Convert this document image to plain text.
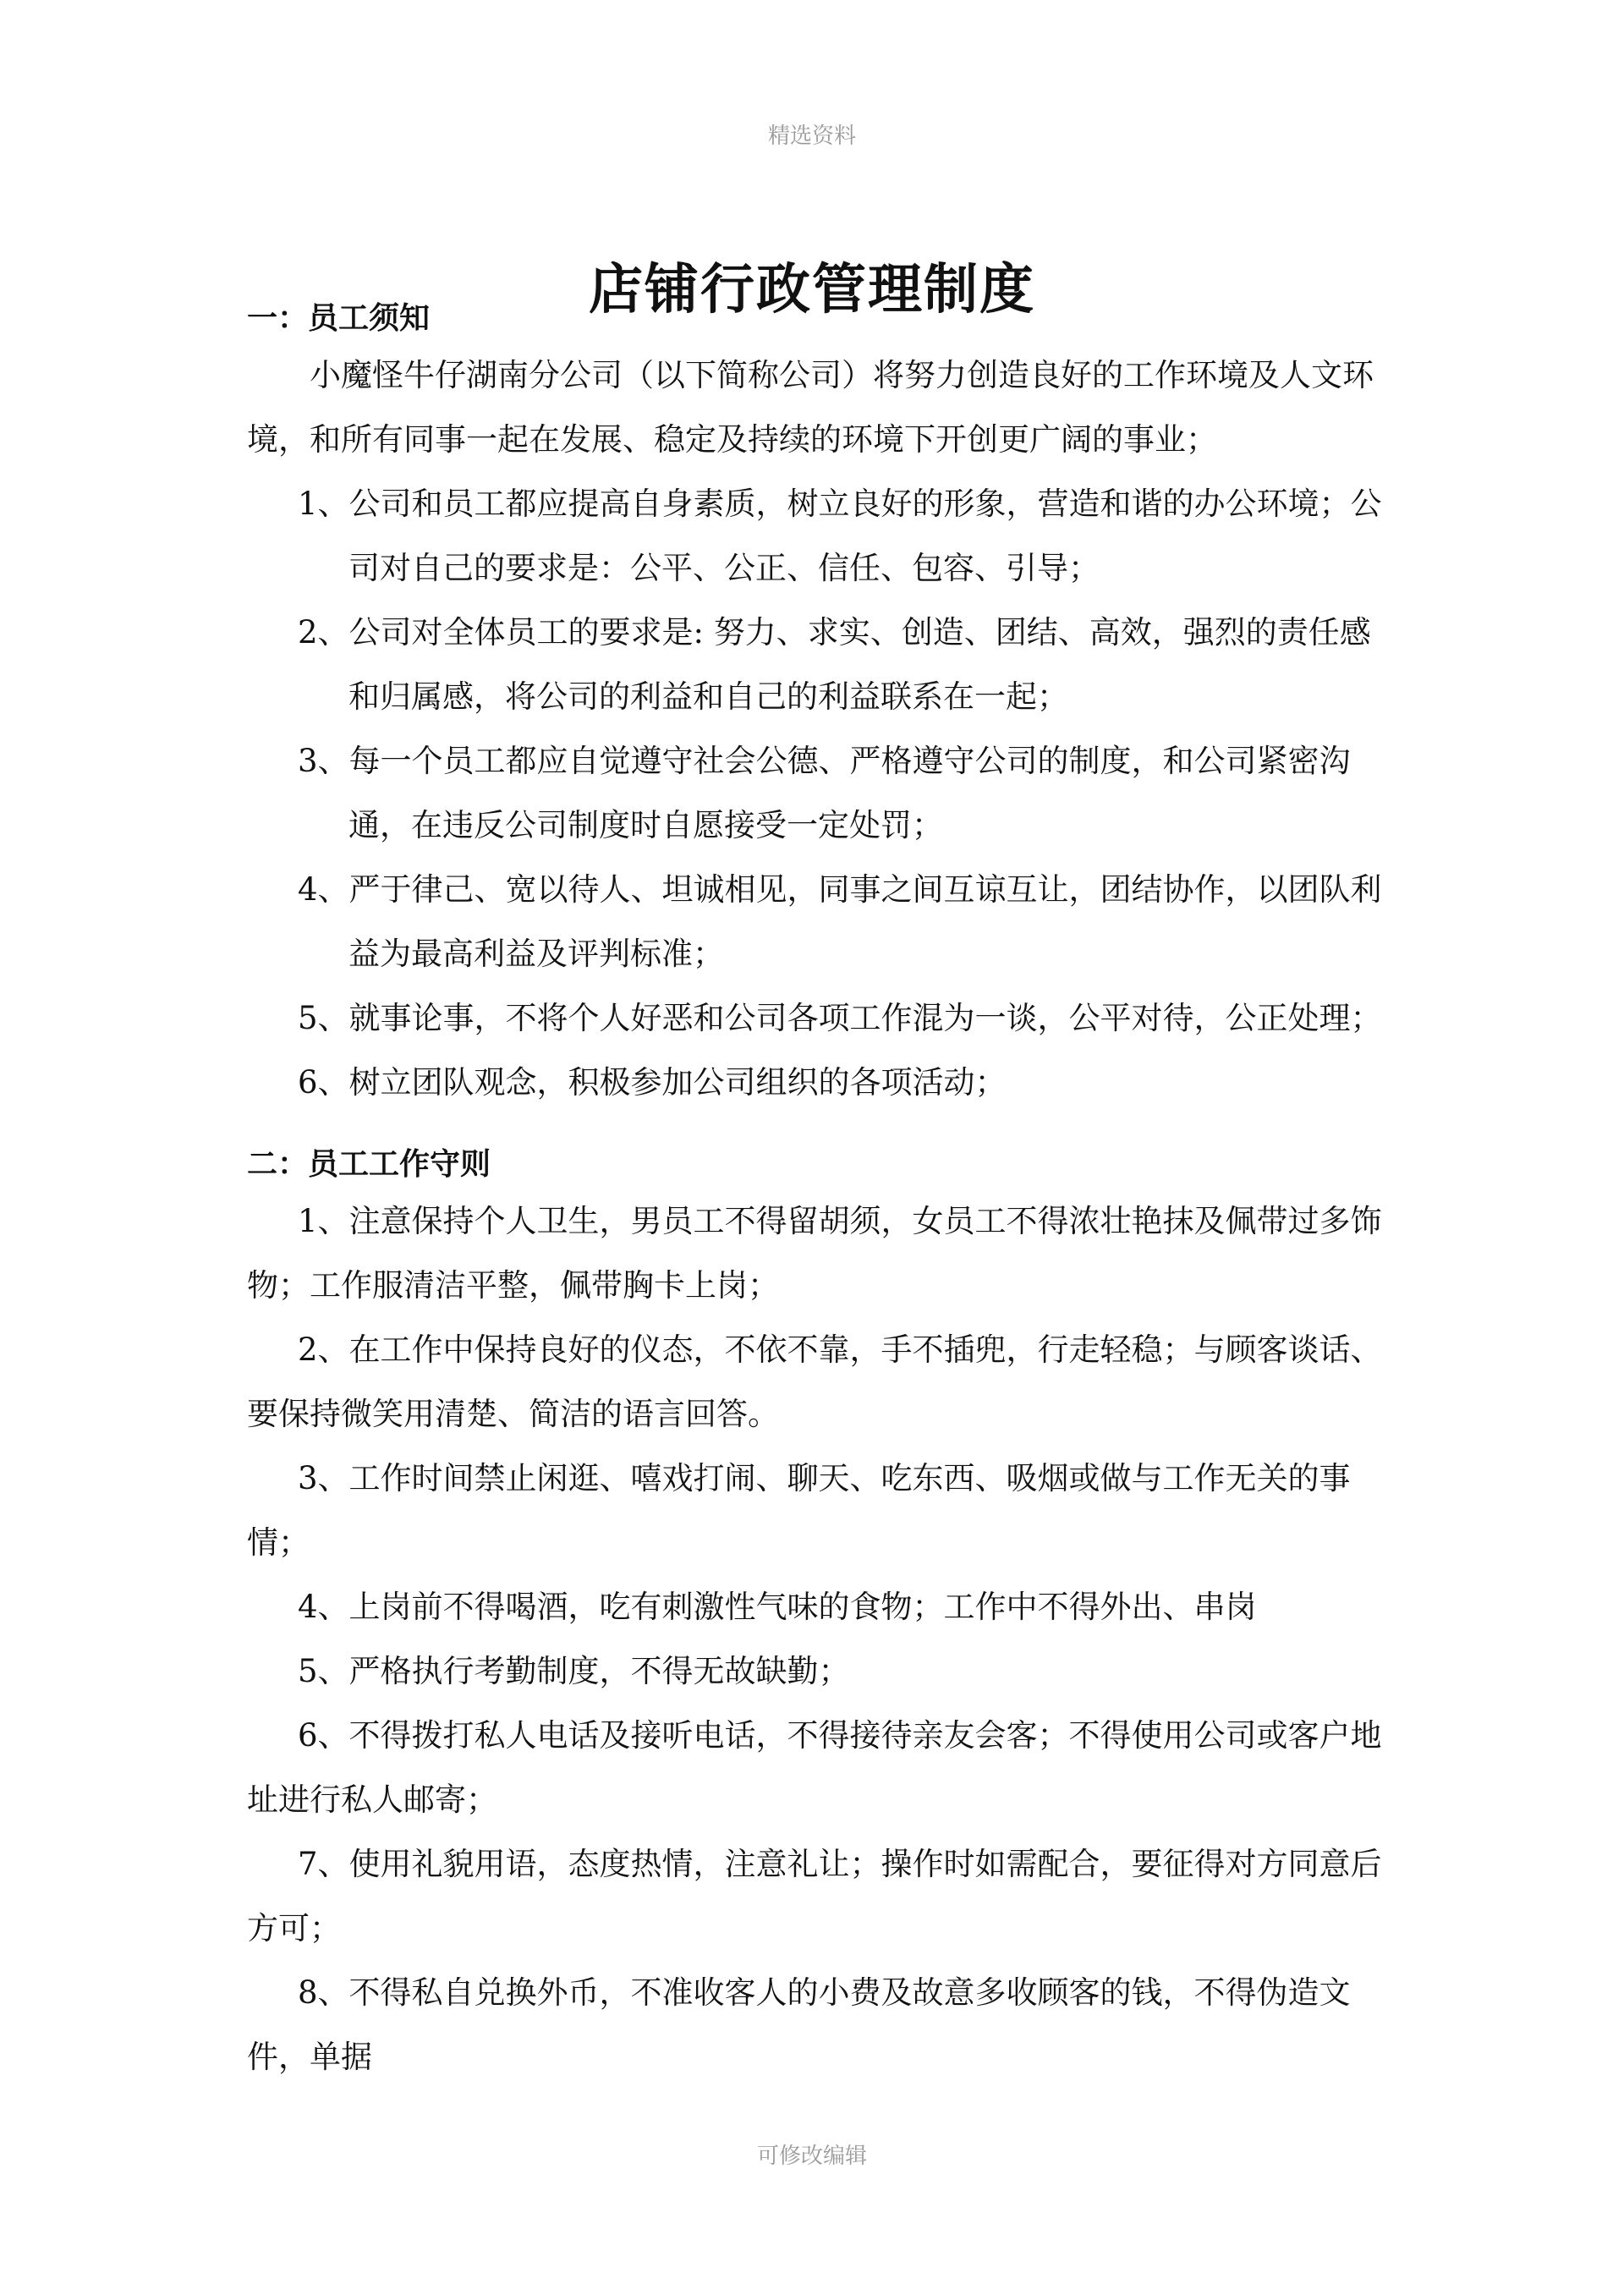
精选资料
店铺行政管理制度
一：员工须知

小魔怪牛仔湖南分公司（以下简称公司）将努力创造良好的工作环境及人文环境，和所有同事一起在发展、稳定及持续的环境下开创更广阔的事业；

1、公司和员工都应提高自身素质，树立良好的形象，营造和谐的办公环境；公司对自己的要求是：公平、公正、信任、包容、引导；

2、公司对全体员工的要求是: 努力、求实、创造、团结、高效，强烈的责任感和归属感，将公司的利益和自己的利益联系在一起；

3、每一个员工都应自觉遵守社会公德、严格遵守公司的制度，和公司紧密沟通，在违反公司制度时自愿接受一定处罚；

4、严于律己、宽以待人、坦诚相见，同事之间互谅互让，团结协作，以团队利益为最高利益及评判标准；

5、就事论事，不将个人好恶和公司各项工作混为一谈，公平对待，公正处理；

6、树立团队观念，积极参加公司组织的各项活动；

二：员工工作守则

1、注意保持个人卫生，男员工不得留胡须，女员工不得浓壮艳抹及佩带过多饰物；工作服清洁平整，佩带胸卡上岗；

2、在工作中保持良好的仪态，不依不靠，手不插兜，行走轻稳；与顾客谈话、要保持微笑用清楚、简洁的语言回答。

3、工作时间禁止闲逛、嘻戏打闹、聊天、吃东西、吸烟或做与工作无关的事情；

4、上岗前不得喝酒，吃有刺激性气味的食物；工作中不得外出、串岗

5、严格执行考勤制度，不得无故缺勤；

6、不得拨打私人电话及接听电话，不得接待亲友会客；不得使用公司或客户地址进行私人邮寄；

7、使用礼貌用语，态度热情，注意礼让；操作时如需配合，要征得对方同意后方可；

8、不得私自兑换外币，不准收客人的小费及故意多收顾客的钱，不得伪造文件，单据

可修改编辑
